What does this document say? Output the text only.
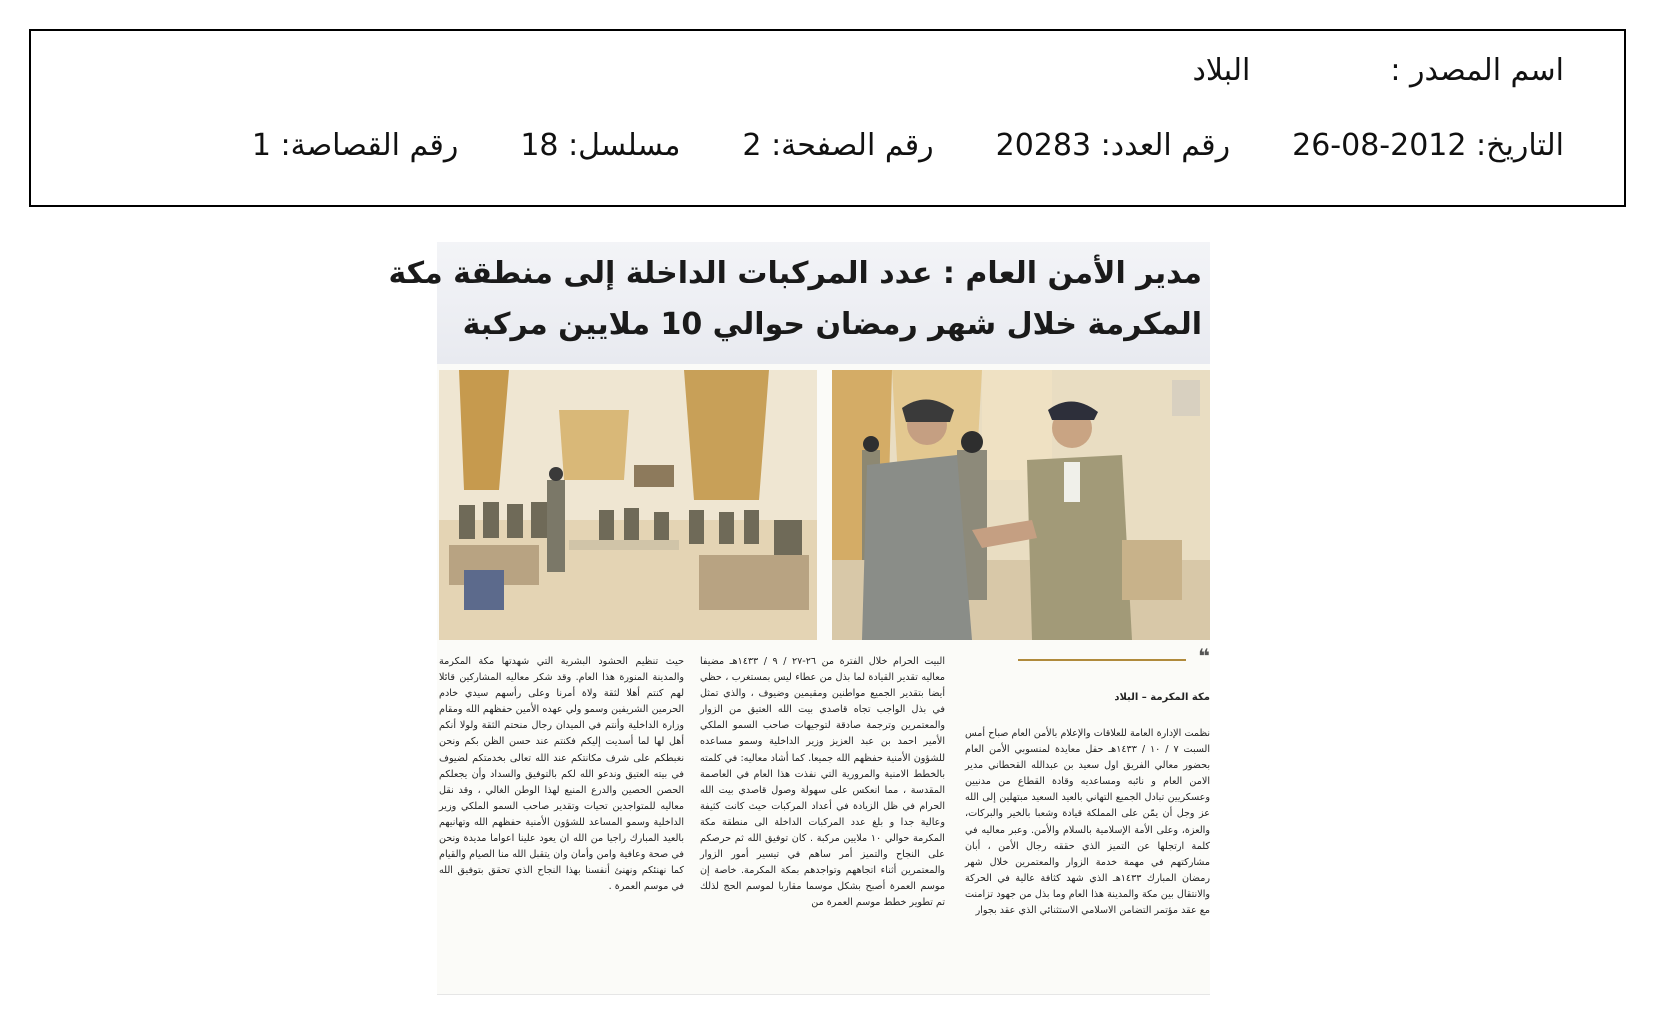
اسم المصدر :البلاد
التاريخ: 26-08-2012رقم العدد: 20283رقم الصفحة: 2مسلسل: 18رقم القصاصة: 1
مدير الأمن العام : عدد المركبات الداخلة إلى منطقة مكة
المكرمة خلال شهر رمضان حوالي 10 ملايين مركبة
❝
مكة المكرمة – البلاد

نظمت الإدارة العامة للعلاقات والإعلام بالأمن العام صباح أمس السبت ٧ / ١٠ / ١٤٣٣هـ حفل معايدة لمنسوبي الأمن العام بحضور معالي الفريق اول سعيد بن عبدالله القحطاني مدير الامن العام و نائبه ومساعديه وقادة القطاع من مدنيين وعسكريين تبادل الجميع التهاني بالعيد السعيد مبتهلين إلى الله عز وجل أن يمّن على المملكة قيادة وشعبا بالخير والبركات، والعزة، وعلى الأمة الإسلامية بالسلام والأمن. وعبر معاليه في كلمة ارتجلها عن التميز الذي حققه رجال الأمن ، أبان مشاركتهم في مهمة خدمة الزوار والمعتمرين خلال شهر رمضان المبارك ١٤٣٣هـ الذي شهد كثافة عالية في الحركة والانتقال بين مكة والمدينة هذا العام وما بذل من جهود تزامنت مع عقد مؤتمر التضامن الاسلامي الاستثنائي الذي عقد بجوار

البيت الحرام خلال الفترة من ٢٦-٢٧ / ٩ / ١٤٣٣هـ مضيفا معاليه تقدير القيادة لما بذل من عطاء ليس بمستغرب ، حظي أيضا بتقدير الجميع مواطنين ومقيمين وضيوف ، والذي تمثل في بذل الواجب تجاه قاصدي بيت الله العتيق من الزوار والمعتمرين وترجمة صادقة لتوجيهات صاحب السمو الملكي الأمير احمد بن عبد العزيز وزير الداخلية وسمو مساعده للشؤون الأمنية حفظهم الله جميعا. كما أشاد معاليه: في كلمته بالخطط الامنية والمرورية التي نفذت هذا العام في العاصمة المقدسة ، مما انعكس على سهولة وصول قاصدي بيت الله الحرام في ظل الزيادة في أعداد المركبات حيث كانت كثيفة وعالية جدا و بلغ عدد المركبات الداخلة الى منطقة مكة المكرمة حوالي ١٠ ملايين مركبة . كان توفيق الله ثم حرصكم على النجاح والتميز أمر ساهم في تيسير أمور الزوار والمعتمرين أثناء اتجاههم وتواجدهم بمكة المكرمة. خاصة إن موسم العمرة أصبح بشكل موسما مقاربا لموسم الحج لذلك تم تطوير خطط موسم العمرة من

حيث تنظيم الحشود البشرية التي شهدتها مكة المكرمة والمدينة المنورة هذا العام. وقد شكر معاليه المشاركين قائلا لهم كنتم أهلا لثقة ولاة أمرنا وعلى رأسهم سيدي خادم الحرمين الشريفين وسمو ولي عهده الأمين حفظهم الله ومقام وزارة الداخلية وأنتم في الميدان رجال منحتم الثقة ولولا أنكم أهل لها لما أسديت إليكم فكنتم عند حسن الظن بكم ونحن نغبطكم على شرف مكانتكم عند الله تعالى بخدمتكم لضيوف في بيته العتيق وندعو الله لكم بالتوفيق والسداد وأن يجعلكم الحصن الحصين والدرع المنيع لهذا الوطن الغالي ، وقد نقل معاليه للمتواجدين تحيات وتقدير صاحب السمو الملكي وزير الداخلية وسمو المساعد للشؤون الأمنية حفظهم الله وتهانيهم بالعيد المبارك راجيا من الله ان يعود علينا اعواما مديدة ونحن في صحة وعافية وامن وأمان وان يتقبل الله منا الصيام والقيام كما نهنئكم ونهنئ أنفسنا بهذا النجاح الذي تحقق بتوفيق الله في موسم العمرة .
